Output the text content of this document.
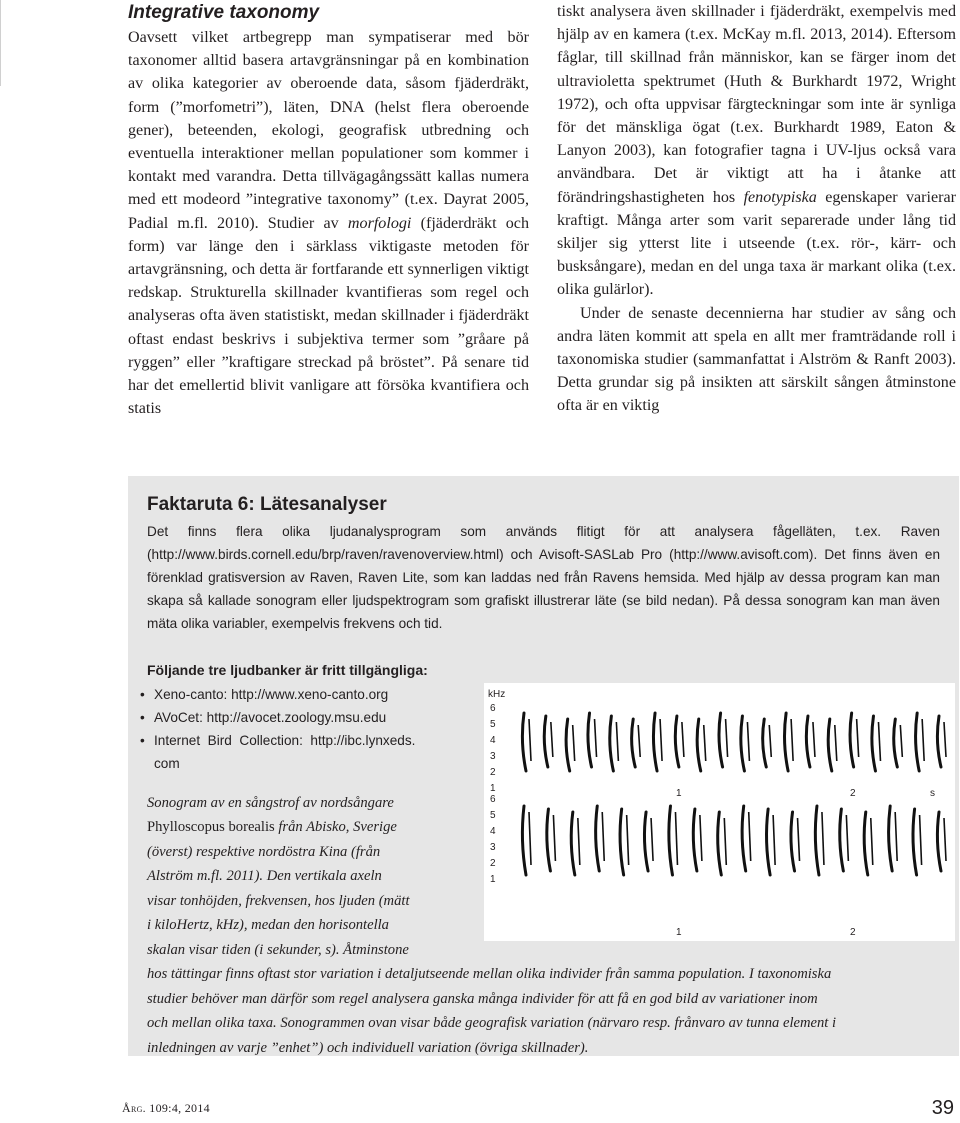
Integrative taxonomy

Oavsett vilket artbegrepp man sympatiserar med bör taxonomer alltid basera artavgränsningar på en kombination av olika kategorier av oberoende data, såsom fjäderdräkt, form (”morfometri”), läten, DNA (helst flera oberoende gener), beteenden, ekologi, geografisk utbredning och eventuella interaktioner mellan populationer som kommer i kontakt med varandra. Detta tillvägagångssätt kallas numera med ett modeord ”integrative taxonomy” (t.ex. Dayrat 2005, Padial m.fl. 2010). Studier av morfologi (fjäderdräkt och form) var länge den i särklass viktigaste metoden för artavgränsning, och detta är fortfarande ett synnerligen viktigt redskap. Strukturella skillnader kvantifieras som regel och analyseras ofta även statistiskt, medan skillnader i fjäderdräkt oftast endast beskrivs i subjektiva termer som ”gråare på ryggen” eller ”kraftigare streckad på bröstet”. På senare tid har det emellertid blivit vanligare att försöka kvantifiera och statis

tiskt analysera även skillnader i fjäderdräkt, exempelvis med hjälp av en kamera (t.ex. McKay m.fl. 2013, 2014). Eftersom fåglar, till skillnad från människor, kan se färger inom det ultravioletta spektrumet (Huth & Burkhardt 1972, Wright 1972), och ofta uppvisar färgteckningar som inte är synliga för det mänskliga ögat (t.ex. Burkhardt 1989, Eaton & Lanyon 2003), kan fotografier tagna i UV-ljus också vara användbara. Det är viktigt att ha i åtanke att förändringshastigheten hos fenotypiska egenskaper varierar kraftigt. Många arter som varit separerade under lång tid skiljer sig ytterst lite i utseende (t.ex. rör-, kärr- och busksångare), medan en del unga taxa är markant olika (t.ex. olika gulärlor).

Under de senaste decennierna har studier av sång och andra läten kommit att spela en allt mer framträdande roll i taxonomiska studier (sammanfattat i Alström & Ranft 2003). Detta grundar sig på insikten att särskilt sången åtminstone ofta är en viktig

Faktaruta 6: Lätesanalyser
Det finns flera olika ljudanalysprogram som används flitigt för att analysera fågelläten, t.ex. Raven (http://www.birds.cornell.edu/brp/raven/ravenoverview.html) och Avisoft-SASLab Pro (http://www.avisoft.com). Det finns även en förenklad gratisversion av Raven, Raven Lite, som kan laddas ned från Ravens hemsida. Med hjälp av dessa program kan man skapa så kallade sonogram eller ljudspektrogram som grafiskt illustrerar läte (se bild nedan). På dessa sonogram kan man även mäta olika variabler, exempelvis frekvens och tid.
Följande tre ljudbanker är fritt tillgängliga:
• Xeno-canto: http://www.xeno-canto.org
• AVoCet: http://avocet.zoology.msu.edu
• Internet  Bird  Collection:  http://ibc.lynxeds.
com
Sonogram av en sångstrof av nordsångare
Phylloscopus borealis från Abisko, Sverige
(överst) respektive nordöstra Kina (från
Alström m.fl. 2011). Den vertikala axeln
visar tonhöjden, frekvensen, hos ljuden (mätt
i kiloHertz, kHz), medan den horisontella
skalan visar tiden (i sekunder, s). Åtminstone
hos tättingar finns oftast stor variation i detaljutseende mellan olika individer från samma population. I taxonomiska
studier behöver man därför som regel analysera ganska många individer för att få en god bild av variationer inom
och mellan olika taxa. Sonogrammen ovan visar både geografisk variation (närvaro resp. frånvaro av tunna element i
inledningen av varje ”enhet”) och individuell variation (övriga skillnader).
kHz
6
5
4
3
2
1
6
5
4
3
2
1
1	2	s
1	2
Årg. 109:4, 2014	39
